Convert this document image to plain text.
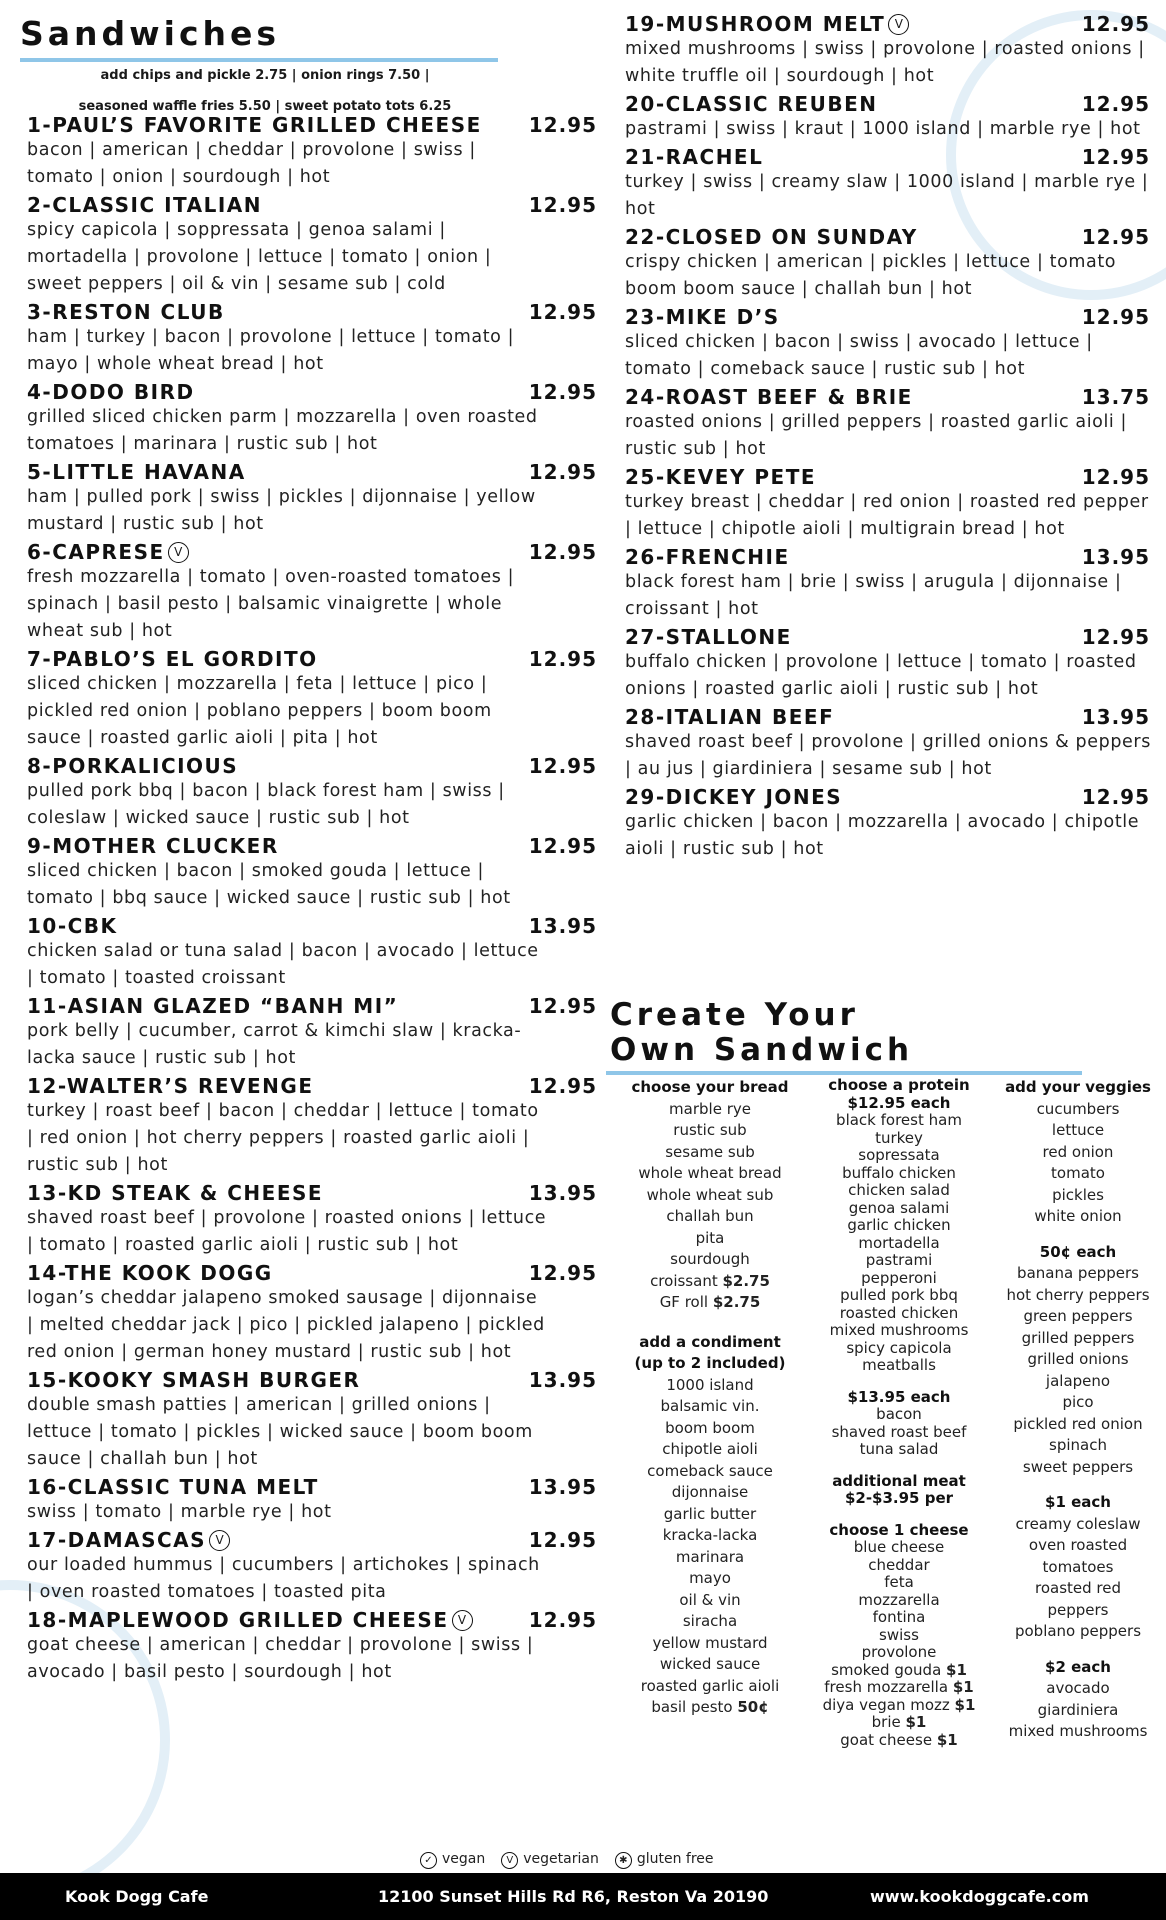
Sandwiches
add chips and pickle 2.75 | onion rings 7.50 |
seasoned waffle fries 5.50 | sweet potato tots 6.25
1-PAUL’S FAVORITE GRILLED CHEESE 12.95
bacon | american | cheddar | provolone | swiss | tomato | onion | sourdough | hot
2-CLASSIC ITALIAN	12.95
spicy capicola | soppressata | genoa salami | mortadella | provolone | lettuce | tomato | onion | sweet peppers | oil & vin | sesame sub | cold
3-RESTON CLUB	12.95
ham | turkey | bacon | provolone | lettuce | tomato | mayo | whole wheat bread | hot
4-DODO BIRD	12.95
grilled sliced chicken parm | mozzarella | oven roasted tomatoes | marinara | rustic sub | hot
5-LITTLE HAVANA	12.95
ham | pulled pork | swiss | pickles | dijonnaise | yellow mustard | rustic sub | hot
6-CAPRESE V	12.95
fresh mozzarella | tomato | oven-roasted tomatoes | spinach | basil pesto | balsamic vinaigrette | whole wheat sub | hot
7-PABLO’S EL GORDITO	12.95
sliced chicken | mozzarella | feta | lettuce | pico | pickled red onion | poblano peppers | boom boom sauce | roasted garlic aioli | pita | hot
8-PORKALICIOUS	12.95
pulled pork bbq | bacon | black forest ham | swiss | coleslaw | wicked sauce | rustic sub | hot
9-MOTHER CLUCKER	12.95
sliced chicken | bacon | smoked gouda | lettuce | tomato | bbq sauce | wicked sauce | rustic sub | hot
10-CBK	13.95
chicken salad or tuna salad | bacon | avocado | lettuce | tomato | toasted croissant
11-ASIAN GLAZED “BANH MI”	12.95
pork belly | cucumber, carrot & kimchi slaw | kracka-lacka sauce | rustic sub | hot
12-WALTER’S REVENGE	12.95
turkey | roast beef | bacon | cheddar | lettuce | tomato | red onion | hot cherry peppers | roasted garlic aioli | rustic sub | hot
13-KD STEAK & CHEESE	13.95
shaved roast beef | provolone | roasted onions | lettuce | tomato | roasted garlic aioli | rustic sub | hot
14-THE KOOK DOGG	12.95
logan’s cheddar jalapeno smoked sausage | dijonnaise | melted cheddar jack | pico | pickled jalapeno | pickled red onion | german honey mustard | rustic sub | hot
15-KOOKY SMASH BURGER	13.95
double smash patties | american | grilled onions | lettuce | tomato | pickles | wicked sauce | boom boom sauce | challah bun | hot
16-CLASSIC TUNA MELT	13.95
swiss | tomato | marble rye | hot
17-DAMASCAS V	12.95
our loaded hummus | cucumbers | artichokes | spinach | oven roasted tomatoes | toasted pita
18-MAPLEWOOD GRILLED CHEESE V	12.95
goat cheese | american | cheddar | provolone | swiss | avocado | basil pesto | sourdough | hot
19-MUSHROOM MELT V	12.95
mixed mushrooms | swiss | provolone | roasted onions | white truffle oil | sourdough | hot
20-CLASSIC REUBEN	12.95
pastrami | swiss | kraut | 1000 island | marble rye | hot
21-RACHEL	12.95
turkey | swiss | creamy slaw | 1000 island | marble rye | hot
22-CLOSED ON SUNDAY	12.95
crispy chicken | american | pickles | lettuce | tomato boom boom sauce | challah bun | hot
23-MIKE D’S	12.95
sliced chicken | bacon | swiss | avocado | lettuce | tomato | comeback sauce | rustic sub | hot
24-ROAST BEEF & BRIE	13.75
roasted onions | grilled peppers | roasted garlic aioli | rustic sub | hot
25-KEVEY PETE	12.95
turkey breast | cheddar | red onion | roasted red pepper | lettuce | chipotle aioli | multigrain bread | hot
26-FRENCHIE	13.95
black forest ham | brie | swiss | arugula | dijonnaise | croissant | hot
27-STALLONE	12.95
buffalo chicken | provolone | lettuce | tomato | roasted onions | roasted garlic aioli | rustic sub | hot
28-ITALIAN BEEF	13.95
shaved roast beef | provolone | grilled onions & peppers | au jus | giardiniera | sesame sub | hot
29-DICKEY JONES	12.95
garlic chicken | bacon | mozzarella | avocado | chipotle aioli | rustic sub | hot
Create Your
Own Sandwich
choose your bread
marble rye
rustic sub
sesame sub
whole wheat bread
whole wheat sub
challah bun
pita
sourdough
croissant $2.75
GF roll $2.75
add a condiment
(up to 2 included)
1000 island
balsamic vin.
boom boom
chipotle aioli
comeback sauce
dijonnaise
garlic butter
kracka-lacka
marinara
mayo
oil & vin
siracha
yellow mustard
wicked sauce
roasted garlic aioli
basil pesto 50¢
choose a protein
$12.95 each
black forest ham
turkey
sopressata
buffalo chicken
chicken salad
genoa salami
garlic chicken
mortadella
pastrami
pepperoni
pulled pork bbq
roasted chicken
mixed mushrooms
spicy capicola
meatballs
$13.95 each
bacon
shaved roast beef
tuna salad
additional meat
$2-$3.95 per
choose 1 cheese
blue cheese
cheddar
feta
mozzarella
fontina
swiss
provolone
smoked gouda $1
fresh mozzarella $1
diya vegan mozz $1
brie $1
goat cheese $1
add your veggies
cucumbers
lettuce
red onion
tomato
pickles
white onion
50¢ each
banana peppers
hot cherry peppers
green peppers
grilled peppers
grilled onions
jalapeno
pico
pickled red onion
spinach
sweet peppers
$1 each
creamy coleslaw
oven roasted
tomatoes
roasted red
peppers
poblano peppers
$2 each
avocado
giardiniera
mixed mushrooms
✓ vegan	V vegetarian	✱ gluten free
Kook Dogg Cafe	12100 Sunset Hills Rd R6, Reston Va 20190	www.kookdoggcafe.com
